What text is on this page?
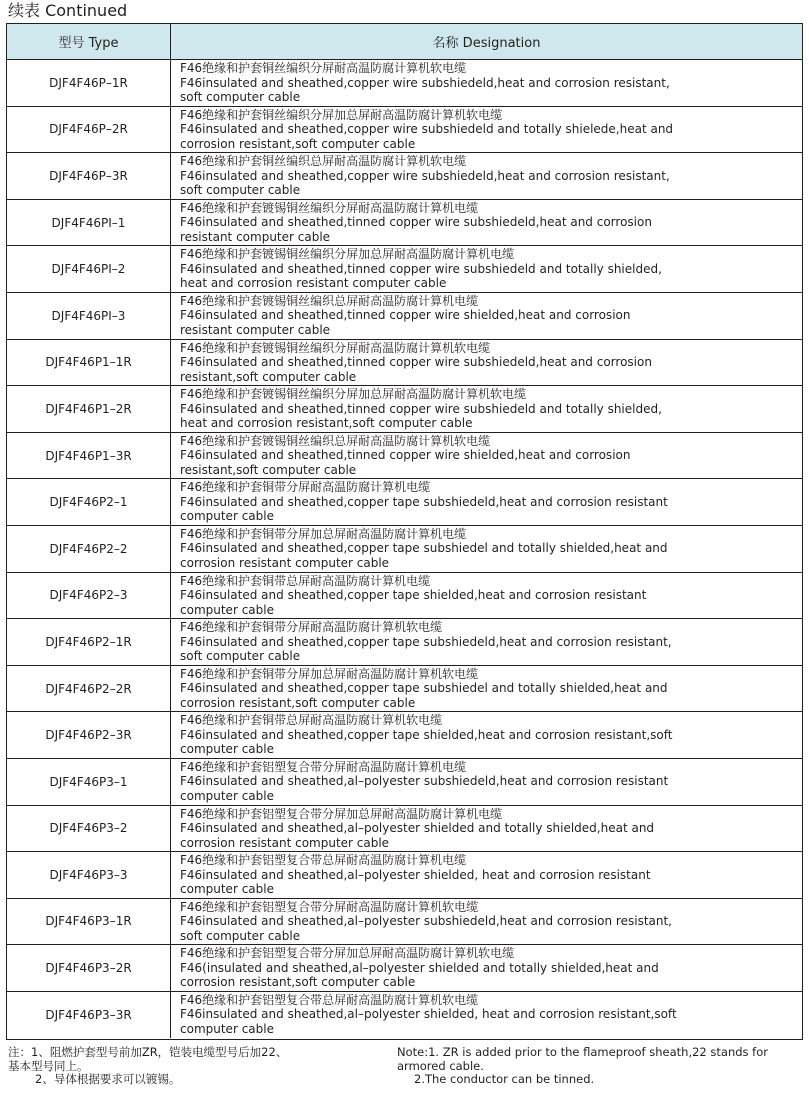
续表 Continued
型号 Type	名称 Designation
DJF4F46P–1R
F46绝缘和护套铜丝编织分屏耐高温防腐计算机软电缆
F46insulated and sheathed,copper wire subshiedeld,heat and corrosion resistant,
soft computer cable
DJF4F46P–2R
F46绝缘和护套铜丝编织分屏加总屏耐高温防腐计算机软电缆
F46insulated and sheathed,copper wire subshiedeld and totally shielede,heat and
corrosion resistant,soft computer cable
DJF4F46P–3R
F46绝缘和护套铜丝编织总屏耐高温防腐计算机软电缆
F46insulated and sheathed,copper wire subshiedeld,heat and corrosion resistant,
soft computer cable
DJF4F46PI–1
F46绝缘和护套镀锡铜丝编织分屏耐高温防腐计算机电缆
F46insulated and sheathed,tinned copper wire subshiedeld,heat and corrosion
resistant computer cable
DJF4F46PI–2
F46绝缘和护套镀锡铜丝编织分屏加总屏耐高温防腐计算机电缆
F46insulated and sheathed,tinned copper wire subshiedeld and totally shielded,
heat and corrosion resistant computer cable
DJF4F46PI–3
F46绝缘和护套镀锡铜丝编织总屏耐高温防腐计算机电缆
F46insulated and sheathed,tinned copper wire shielded,heat and corrosion
resistant computer cable
DJF4F46P1–1R
F46绝缘和护套镀锡铜丝编织分屏耐高温防腐计算机软电缆
F46insulated and sheathed,tinned copper wire subshiedeld,heat and corrosion
resistant,soft computer cable
DJF4F46P1–2R
F46绝缘和护套镀锡铜丝编织分屏加总屏耐高温防腐计算机软电缆
F46insulated and sheathed,tinned copper wire subshiedeld and totally shielded,
heat and corrosion resistant,soft computer cable
DJF4F46P1–3R
F46绝缘和护套镀锡铜丝编织总屏耐高温防腐计算机软电缆
F46insulated and sheathed,tinned copper wire shielded,heat and corrosion
resistant,soft computer cable
DJF4F46P2–1
F46绝缘和护套铜带分屏耐高温防腐计算机电缆
F46insulated and sheathed,copper tape subshiedeld,heat and corrosion resistant
computer cable
DJF4F46P2–2
F46绝缘和护套铜带分屏加总屏耐高温防腐计算机电缆
F46insulated and sheathed,copper tape subshiedel and totally shielded,heat and
corrosion resistant computer cable
DJF4F46P2–3
F46绝缘和护套铜带总屏耐高温防腐计算机电缆
F46insulated and sheathed,copper tape shielded,heat and corrosion resistant
computer cable
DJF4F46P2–1R
F46绝缘和护套铜带分屏耐高温防腐计算机软电缆
F46insulated and sheathed,copper tape subshiedeld,heat and corrosion resistant,
soft computer cable
DJF4F46P2–2R
F46绝缘和护套铜带分屏加总屏耐高温防腐计算机软电缆
F46insulated and sheathed,copper tape subshiedel and totally shielded,heat and
corrosion resistant,soft computer cable
DJF4F46P2–3R
F46绝缘和护套铜带总屏耐高温防腐计算机软电缆
F46insulated and sheathed,copper tape shielded,heat and corrosion resistant,soft
computer cable
DJF4F46P3–1
F46绝缘和护套铝塑复合带分屏耐高温防腐计算机电缆
F46insulated and sheathed,al–polyester subshiedeld,heat and corrosion resistant
computer cable
DJF4F46P3–2
F46绝缘和护套铝塑复合带分屏加总屏耐高温防腐计算机电缆
F46insulated and sheathed,al–polyester shielded and totally shielded,heat and
corrosion resistant computer cable
DJF4F46P3–3
F46绝缘和护套铝塑复合带总屏耐高温防腐计算机电缆
F46insulated and sheathed,al–polyester shielded, heat and corrosion resistant
computer cable
DJF4F46P3–1R
F46绝缘和护套铝塑复合带分屏耐高温防腐计算机软电缆
F46insulated and sheathed,al–polyester subshiedeld,heat and corrosion resistant,
soft computer cable
DJF4F46P3–2R
F46绝缘和护套铝塑复合带分屏加总屏耐高温防腐计算机软电缆
F46(insulated and sheathed,al–polyester shielded and totally shielded,heat and
corrosion resistant,soft computer cable
DJF4F46P3–3R
F46绝缘和护套铝塑复合带总屏耐高温防腐计算机软电缆
F46insulated and sheathed,al–polyester shielded, heat and corrosion resistant,soft
computer cable
注：1、阻燃护套型号前加ZR，铠装电缆型号后加22、
基本型号同上。
2、导体根据要求可以镀锡。
Note:1. ZR is added prior to the flameproof sheath,22 stands for
armored cable.
2.The conductor can be tinned.
